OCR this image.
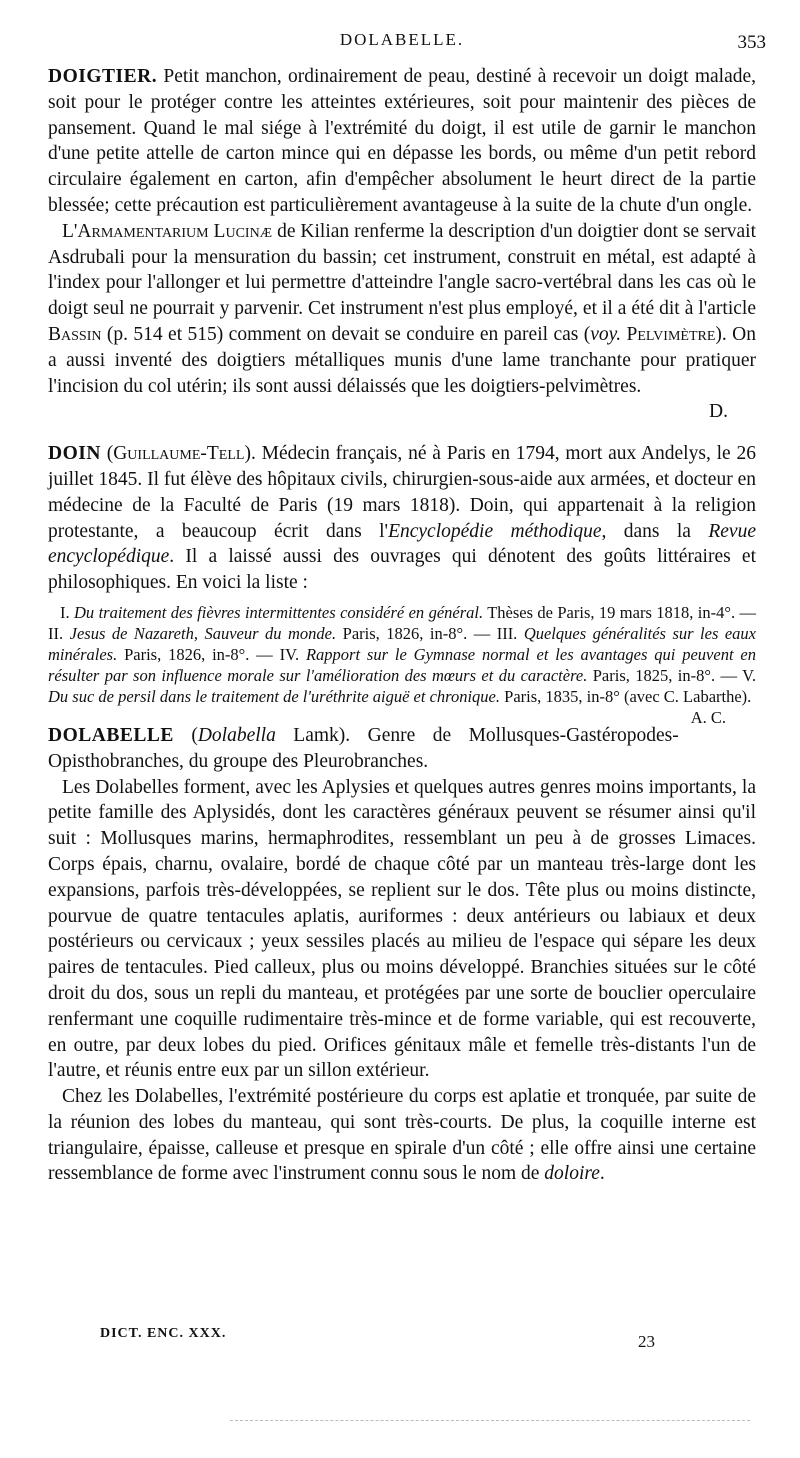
DOLABELLE.	353

DOIGTIER. Petit manchon, ordinairement de peau, destiné à recevoir un doigt malade, soit pour le protéger contre les atteintes extérieures, soit pour maintenir des pièces de pansement. Quand le mal siége à l'extrémité du doigt, il est utile de garnir le manchon d'une petite attelle de carton mince qui en dépasse les bords, ou même d'un petit rebord circulaire également en carton, afin d'empêcher absolument le heurt direct de la partie blessée; cette précaution est particulièrement avantageuse à la suite de la chute d'un ongle.

L'Armamentarium Lucinæ de Kilian renferme la description d'un doigtier dont se servait Asdrubali pour la mensuration du bassin; cet instrument, construit en métal, est adapté à l'index pour l'allonger et lui permettre d'atteindre l'angle sacro-vertébral dans les cas où le doigt seul ne pourrait y parvenir. Cet instrument n'est plus employé, et il a été dit à l'article Bassin (p. 514 et 515) comment on devait se conduire en pareil cas (voy. Pelvimètre). On a aussi inventé des doigtiers métalliques munis d'une lame tranchante pour pratiquer l'incision du col utérin; ils sont aussi délaissés que les doigtiers-pelvimètres.

D.

DOIN (Guillaume-Tell). Médecin français, né à Paris en 1794, mort aux Andelys, le 26 juillet 1845. Il fut élève des hôpitaux civils, chirurgien-sous-aide aux armées, et docteur en médecine de la Faculté de Paris (19 mars 1818). Doin, qui appartenait à la religion protestante, a beaucoup écrit dans l'Encyclopédie méthodique, dans la Revue encyclopédique. Il a laissé aussi des ouvrages qui dénotent des goûts littéraires et philosophiques. En voici la liste :

I. Du traitement des fièvres intermittentes considéré en général. Thèses de Paris, 19 mars 1818, in-4°. — II. Jesus de Nazareth, Sauveur du monde. Paris, 1826, in-8°. — III. Quelques généralités sur les eaux minérales. Paris, 1826, in-8°. — IV. Rapport sur le Gymnase normal et les avantages qui peuvent en résulter par son influence morale sur l'amélioration des mœurs et du caractère. Paris, 1825, in-8°. — V. Du suc de persil dans le traitement de l'uréthrite aiguë et chronique. Paris, 1835, in-8° (avec C. Labarthe).
A. C.

DOLABELLE (Dolabella Lamk). Genre de Mollusques-Gastéropodes-Opisthobranches, du groupe des Pleurobranches.

Les Dolabelles forment, avec les Aplysies et quelques autres genres moins importants, la petite famille des Aplysidés, dont les caractères généraux peuvent se résumer ainsi qu'il suit : Mollusques marins, hermaphrodites, ressemblant un peu à de grosses Limaces. Corps épais, charnu, ovalaire, bordé de chaque côté par un manteau très-large dont les expansions, parfois très-développées, se replient sur le dos. Tête plus ou moins distincte, pourvue de quatre tentacules aplatis, auriformes : deux antérieurs ou labiaux et deux postérieurs ou cervicaux ; yeux sessiles placés au milieu de l'espace qui sépare les deux paires de tentacules. Pied calleux, plus ou moins développé. Branchies situées sur le côté droit du dos, sous un repli du manteau, et protégées par une sorte de bouclier operculaire renfermant une coquille rudimentaire très-mince et de forme variable, qui est recouverte, en outre, par deux lobes du pied. Orifices génitaux mâle et femelle très-distants l'un de l'autre, et réunis entre eux par un sillon extérieur.

Chez les Dolabelles, l'extrémité postérieure du corps est aplatie et tronquée, par suite de la réunion des lobes du manteau, qui sont très-courts. De plus, la coquille interne est triangulaire, épaisse, calleuse et presque en spirale d'un côté ; elle offre ainsi une certaine ressemblance de forme avec l'instrument connu sous le nom de doloire.

DICT. ENC. XXX.	23
